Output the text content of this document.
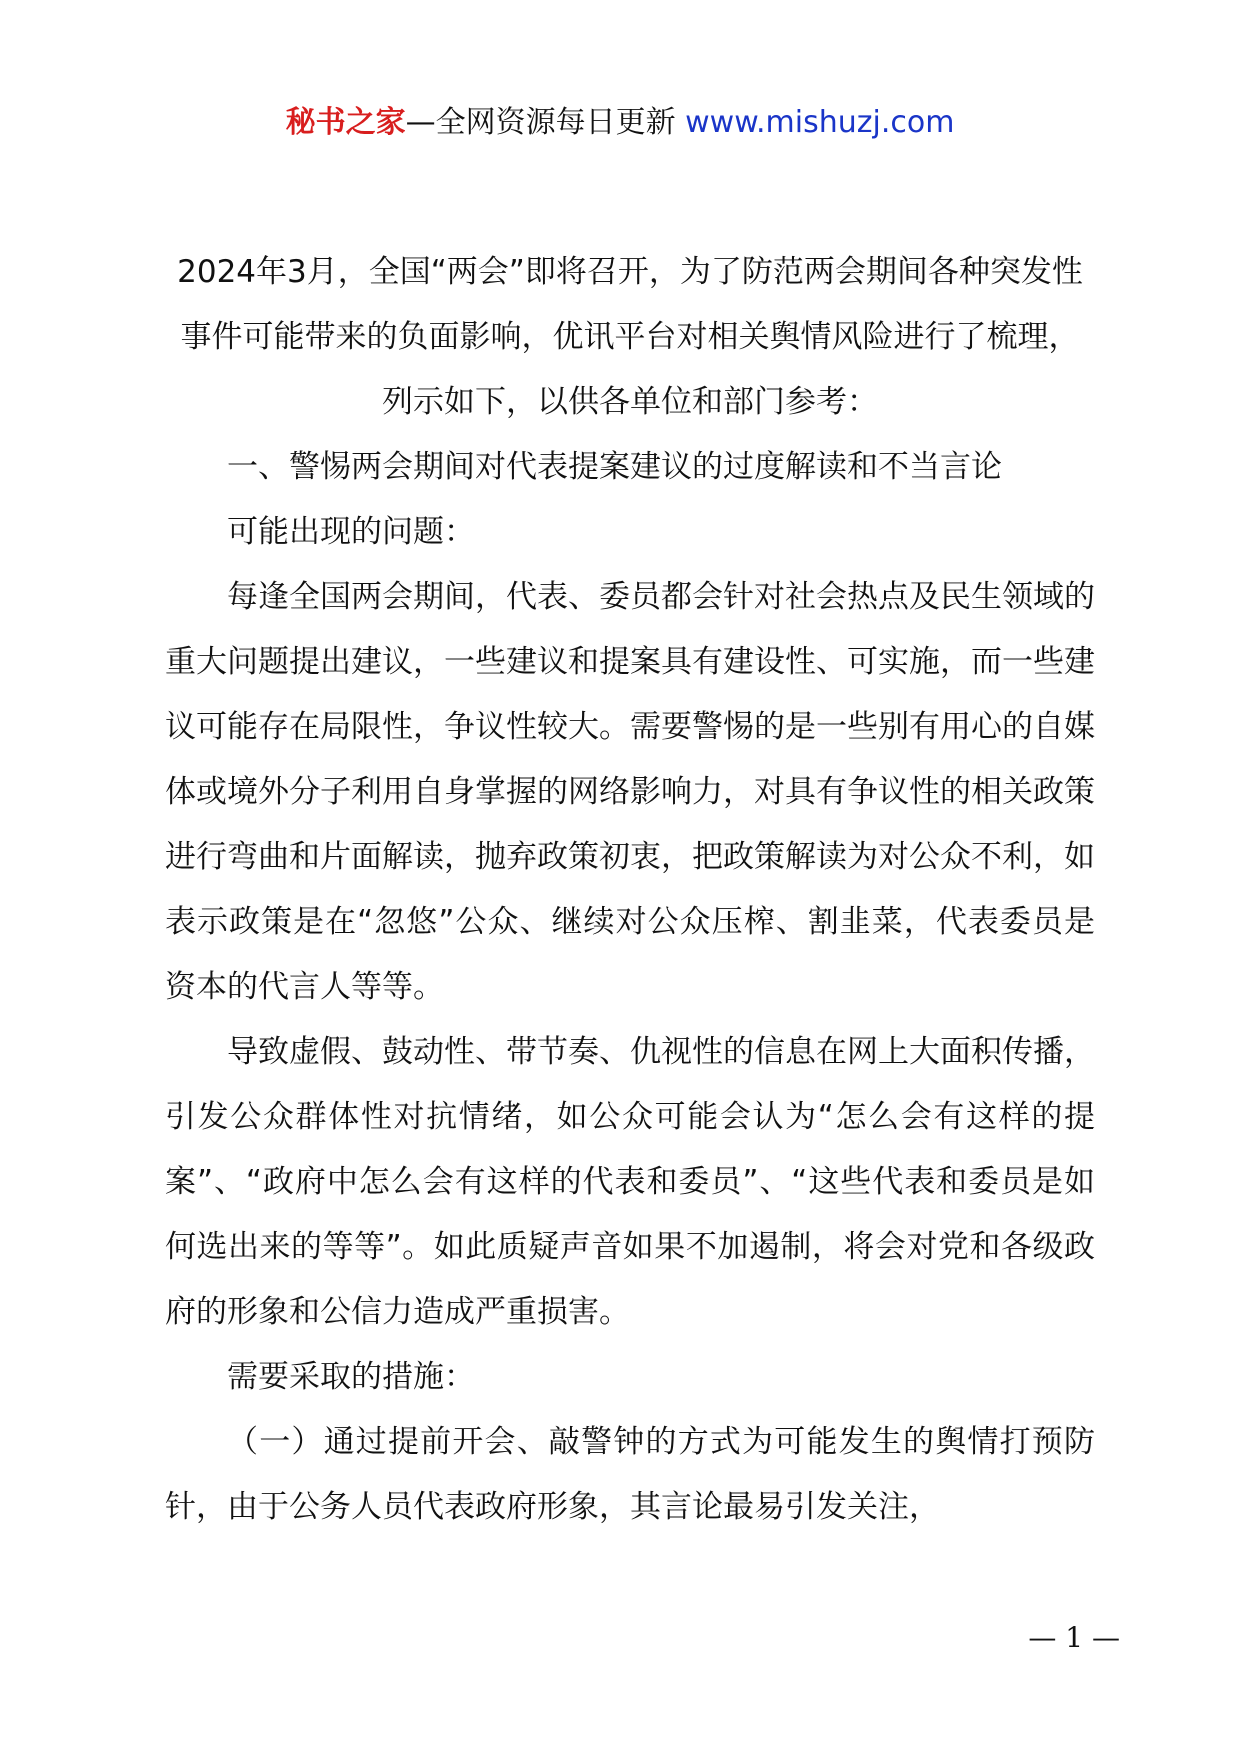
秘书之家—全网资源每日更新 www.mishuzj.com

2024年3月，全国“两会”即将召开，为了防范两会期间各种突发性事件可能带来的负面影响，优讯平台对相关舆情风险进行了梳理，列示如下，以供各单位和部门参考：

一、警惕两会期间对代表提案建议的过度解读和不当言论

可能出现的问题：

每逢全国两会期间，代表、委员都会针对社会热点及民生领域的重大问题提出建议，一些建议和提案具有建设性、可实施，而一些建议可能存在局限性，争议性较大。需要警惕的是一些别有用心的自媒体或境外分子利用自身掌握的网络影响力，对具有争议性的相关政策进行弯曲和片面解读，抛弃政策初衷，把政策解读为对公众不利，如表示政策是在“忽悠”公众、继续对公众压榨、割韭菜，代表委员是资本的代言人等等。

导致虚假、鼓动性、带节奏、仇视性的信息在网上大面积传播，引发公众群体性对抗情绪，如公众可能会认为“怎么会有这样的提案”、“政府中怎么会有这样的代表和委员”、“这些代表和委员是如何选出来的等等”。如此质疑声音如果不加遏制，将会对党和各级政府的形象和公信力造成严重损害。

需要采取的措施：

（一）通过提前开会、敲警钟的方式为可能发生的舆情打预防针，由于公务人员代表政府形象，其言论最易引发关注，

— 1 —
